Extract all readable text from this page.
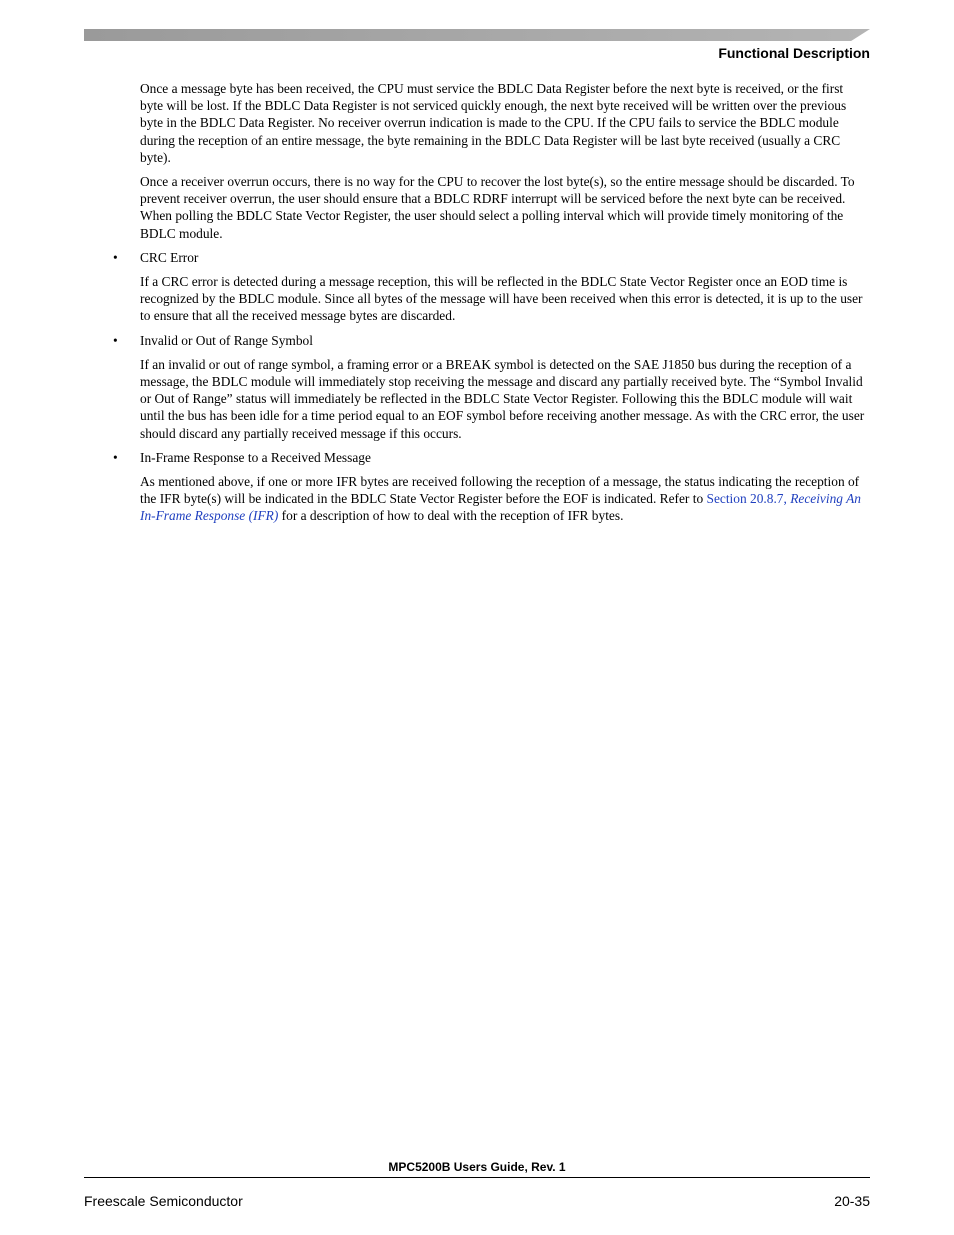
Functional Description

Once a message byte has been received, the CPU must service the BDLC Data Register before the next byte is received, or the first byte will be lost. If the BDLC Data Register is not serviced quickly enough, the next byte received will be written over the previous byte in the BDLC Data Register. No receiver overrun indication is made to the CPU. If the CPU fails to service the BDLC module during the reception of an entire message, the byte remaining in the BDLC Data Register will be last byte received (usually a CRC byte).

Once a receiver overrun occurs, there is no way for the CPU to recover the lost byte(s), so the entire message should be discarded. To prevent receiver overrun, the user should ensure that a BDLC RDRF interrupt will be serviced before the next byte can be received. When polling the BDLC State Vector Register, the user should select a polling interval which will provide timely monitoring of the BDLC module.

• CRC Error

If a CRC error is detected during a message reception, this will be reflected in the BDLC State Vector Register once an EOD time is recognized by the BDLC module. Since all bytes of the message will have been received when this error is detected, it is up to the user to ensure that all the received message bytes are discarded.

• Invalid or Out of Range Symbol

If an invalid or out of range symbol, a framing error or a BREAK symbol is detected on the SAE J1850 bus during the reception of a message, the BDLC module will immediately stop receiving the message and discard any partially received byte. The “Symbol Invalid or Out of Range” status will immediately be reflected in the BDLC State Vector Register. Following this the BDLC module will wait until the bus has been idle for a time period equal to an EOF symbol before receiving another message. As with the CRC error, the user should discard any partially received message if this occurs.

• In-Frame Response to a Received Message

As mentioned above, if one or more IFR bytes are received following the reception of a message, the status indicating the reception of the IFR byte(s) will be indicated in the BDLC State Vector Register before the EOF is indicated. Refer to Section 20.8.7, Receiving An In-Frame Response (IFR) for a description of how to deal with the reception of IFR bytes.

MPC5200B Users Guide, Rev. 1
Freescale Semiconductor	20-35
